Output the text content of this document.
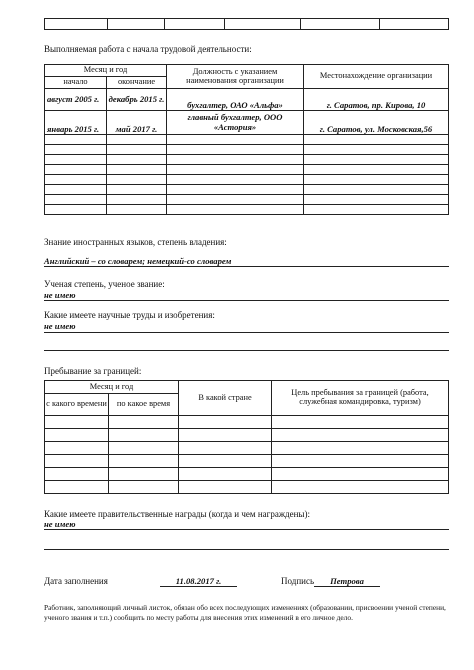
Выполняемая работа с начала трудовой деятельности:
Месяц и год		Должность с указанием наименования организации	Местонахождение организации
начало	окончание		
август 2005 г.	декабрь 2015 г.	бухгалтер, ОАО «Альфа»	г. Саратов, пр. Кирова, 10
январь 2015 г.	май 2017 г.	главный бухгалтер, ООО «Астория»	г. Саратов, ул. Московская,56

Знание иностранных языков, степень владения:
Английский – со словарем; немецкий-со словарем
Ученая степень, ученое звание:
не имею
Какие имеете научные труды и изобретения:
не имею
Пребывание за границей:
Месяц и год		В какой стране	Цель пребывания за границей (работа, служебная командировка, туризм)
с какого времени	по какое время		

Какие имеете правительственные награды (когда и чем награждены):
не имею
Дата заполнения	11.08.2017 г.	Подпись	Петрова
Работник, заполняющий личный листок, обязан обо всех последующих изменениях (образовании, присвоении ученой степени, ученого звания и т.п.) сообщить по месту работы для внесения этих изменений в его личное дело.
